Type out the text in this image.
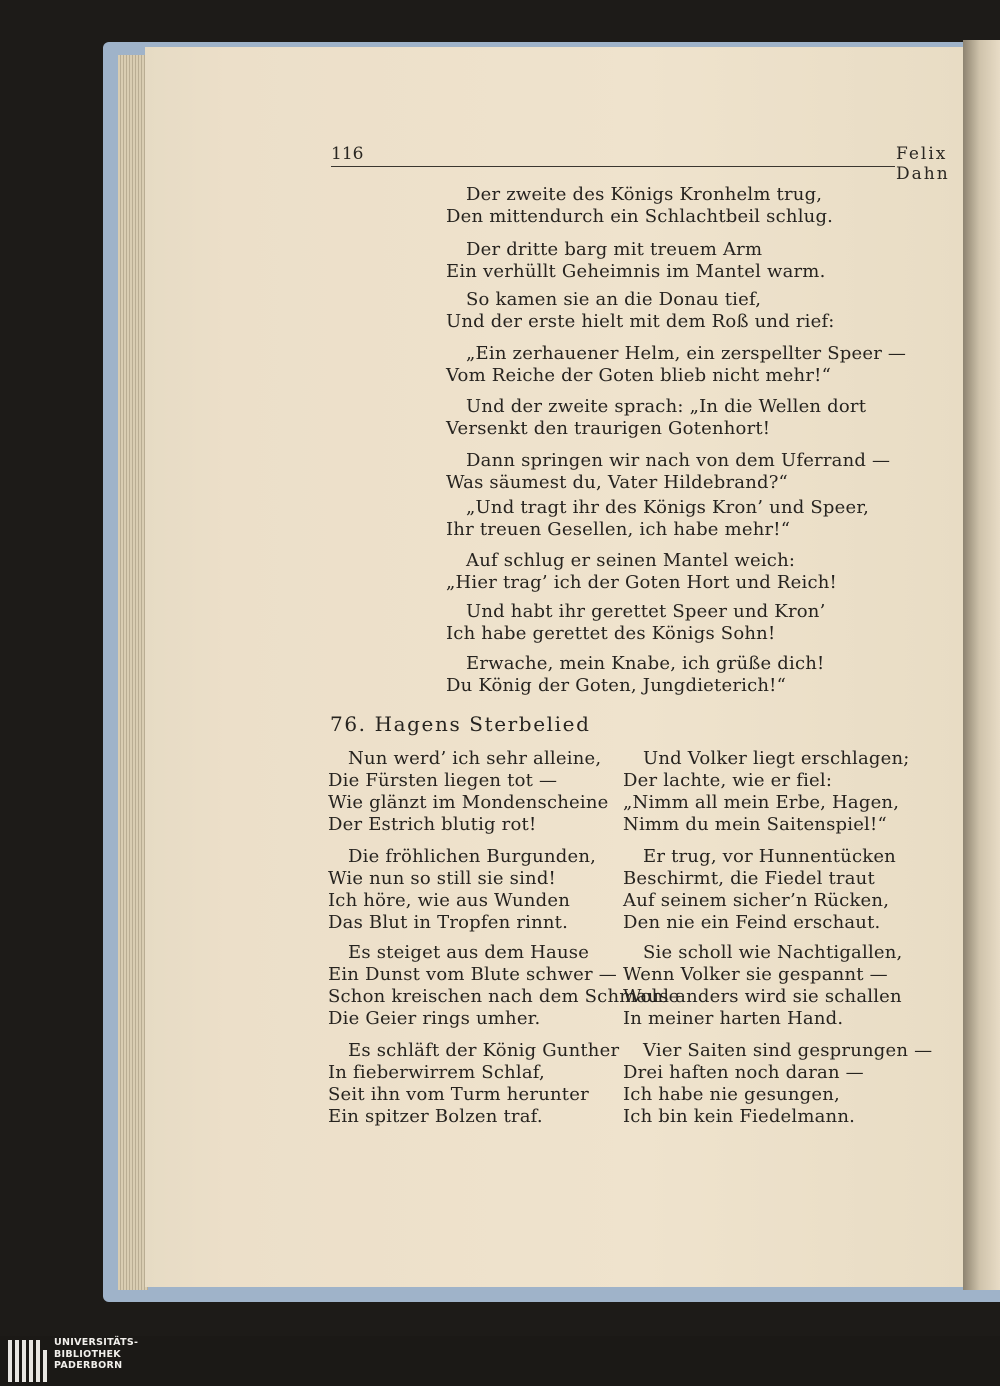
116	Felix Dahn
Der zweite des Königs Kronhelm trug,
Den mittendurch ein Schlachtbeil schlug.
Der dritte barg mit treuem Arm
Ein verhüllt Geheimnis im Mantel warm.
So kamen sie an die Donau tief,
Und der erste hielt mit dem Roß und rief:
„Ein zerhauener Helm, ein zerspellter Speer —
Vom Reiche der Goten blieb nicht mehr!“
Und der zweite sprach: „In die Wellen dort
Versenkt den traurigen Gotenhort!
Dann springen wir nach von dem Uferrand —
Was säumest du, Vater Hildebrand?“
„Und tragt ihr des Königs Kron’ und Speer,
Ihr treuen Gesellen, ich habe mehr!“
Auf schlug er seinen Mantel weich:
„Hier trag’ ich der Goten Hort und Reich!
Und habt ihr gerettet Speer und Kron’
Ich habe gerettet des Königs Sohn!
Erwache, mein Knabe, ich grüße dich!
Du König der Goten, Jungdieterich!“
76. Hagens Sterbelied
Nun werd’ ich sehr alleine,
Die Fürsten liegen tot —
Wie glänzt im Mondenscheine
Der Estrich blutig rot!
Die fröhlichen Burgunden,
Wie nun so still sie sind!
Ich höre, wie aus Wunden
Das Blut in Tropfen rinnt.
Es steiget aus dem Hause
Ein Dunst vom Blute schwer —
Schon kreischen nach dem Schmause
Die Geier rings umher.
Es schläft der König Gunther
In fieberwirrem Schlaf,
Seit ihn vom Turm herunter
Ein spitzer Bolzen traf.
Und Volker liegt erschlagen;
Der lachte, wie er fiel:
„Nimm all mein Erbe, Hagen,
Nimm du mein Saitenspiel!“
Er trug, vor Hunnentücken
Beschirmt, die Fiedel traut
Auf seinem sicher’n Rücken,
Den nie ein Feind erschaut.
Sie scholl wie Nachtigallen,
Wenn Volker sie gespannt —
Wohl anders wird sie schallen
In meiner harten Hand.
Vier Saiten sind gesprungen —
Drei haften noch daran —
Ich habe nie gesungen,
Ich bin kein Fiedelmann.
UNIVERSITÄTS-
BIBLIOTHEK
PADERBORN
